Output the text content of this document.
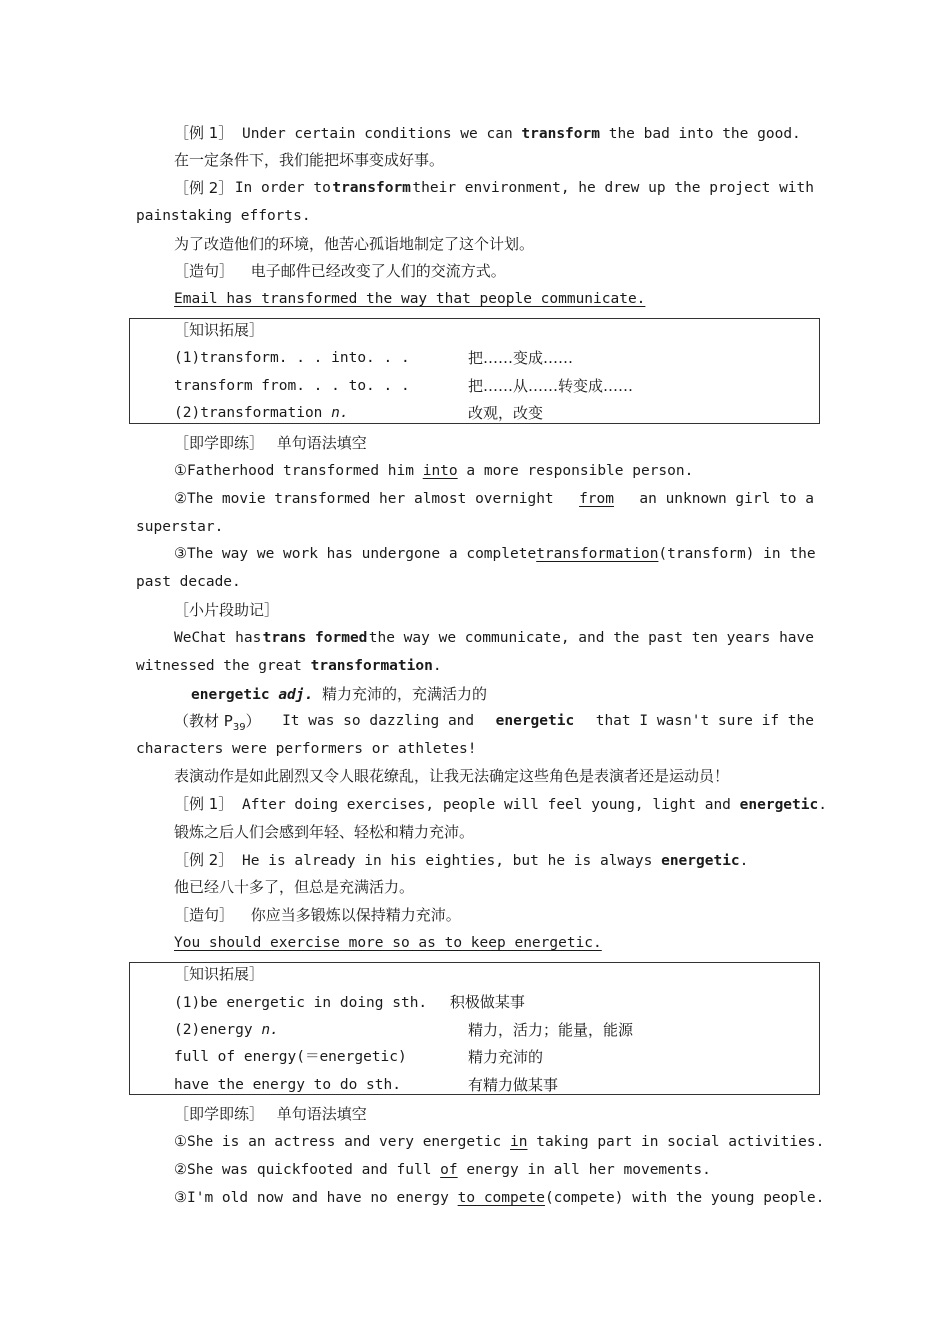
［例 1］ Under certain conditions we can transform the bad into the good.
在一定条件下，我们能把坏事变成好事。
［例 2］ In order to transform their environment, he drew up the project with
painstaking efforts.
为了改造他们的环境，他苦心孤诣地制定了这个计划。
［造句］ 电子邮件已经改变了人们的交流方式。
Email has transformed the way that people communicate.
［知识拓展］
(1)transform. . . into. . .	把……变成……
transform from. . . to. . .	把……从……转变成……
(2)transformation n.	改观，改变
［即学即练］ 单句语法填空
①Fatherhood transformed him into a more responsible person.
②The movie transformed her almost overnight from an unknown girl to a
superstar.
③The way we work has undergone a complete transformation(transform) in the
past decade.
［小片段助记］
WeChat has trans formed the way we communicate, and the past ten years have
witnessed the great transformation.
energetic adj. 精力充沛的，充满活力的
（教材 $P_{39}$） It was so dazzling and energetic that I wasn't sure if the
characters were performers or athletes!
表演动作是如此剧烈又令人眼花缭乱，让我无法确定这些角色是表演者还是运动员！
［例 1］ After doing exercises, people will feel young, light and energetic.
锻炼之后人们会感到年轻、轻松和精力充沛。
［例 2］ He is already in his eighties, but he is always energetic.
他已经八十多了，但总是充满活力。
［造句］ 你应当多锻炼以保持精力充沛。
You should exercise more so as to keep energetic.
［知识拓展］
(1)be energetic in doing sth. 积极做某事
(2)energy n.	精力，活力；能量，能源
full of energy(＝energetic)	精力充沛的
have the energy to do sth.	有精力做某事
［即学即练］ 单句语法填空
①She is an actress and very energetic in taking part in social activities.
②She was quickfooted and full of energy in all her movements.
③I'm old now and have no energy to compete(compete) with the young people.
